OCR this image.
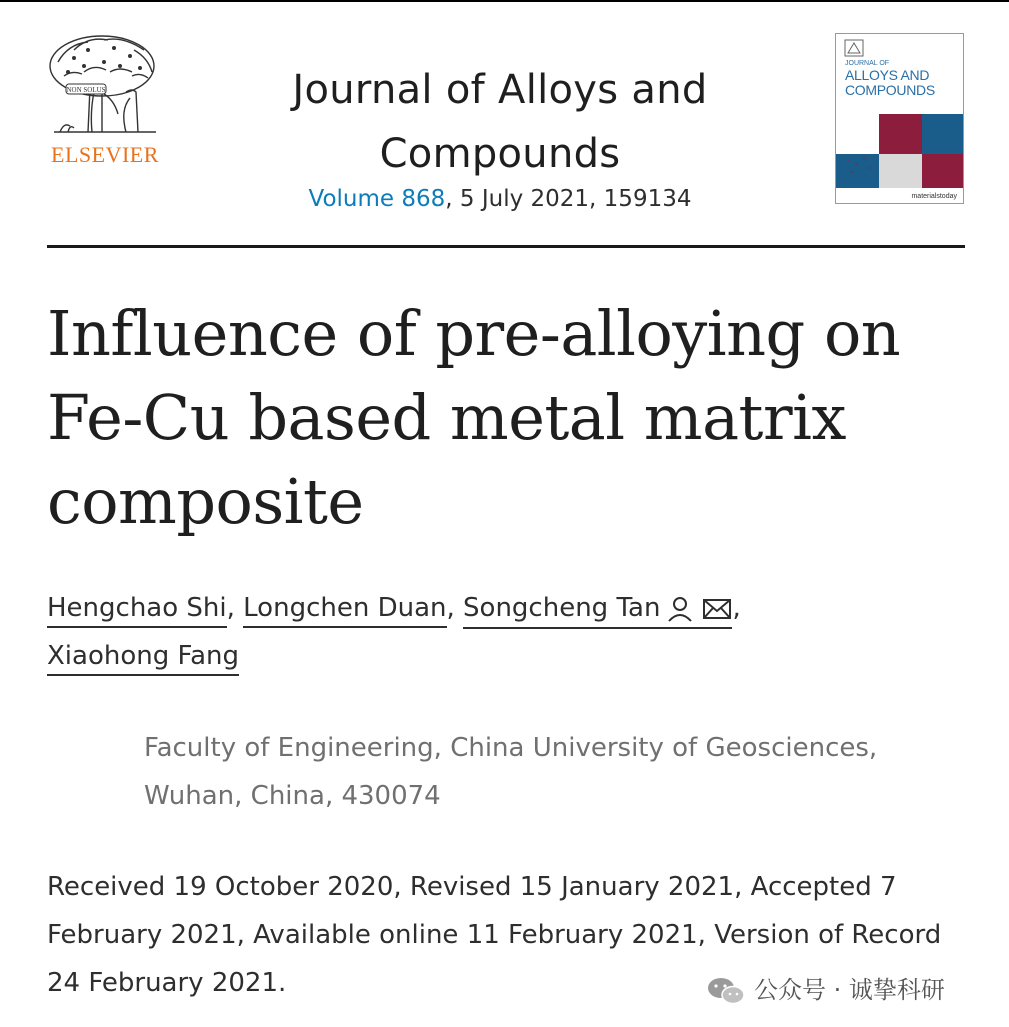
NON SOLUS
ELSEVIER
Journal of Alloys and
Compounds
Volume 868, 5 July 2021, 159134
JOURNAL OF
ALLOYS AND
COMPOUNDS
materialstoday
Influence of pre-alloying on Fe-Cu based metal matrix composite
Hengchao Shi, Longchen Duan, Songcheng Tan	,
Xiaohong Fang
Faculty of Engineering, China University of Geosciences, Wuhan, China, 430074
Received 19 October 2020, Revised 15 January 2021, Accepted 7 February 2021, Available online 11 February 2021, Version of Record 24 February 2021.	公众号 · 诚挚科研
